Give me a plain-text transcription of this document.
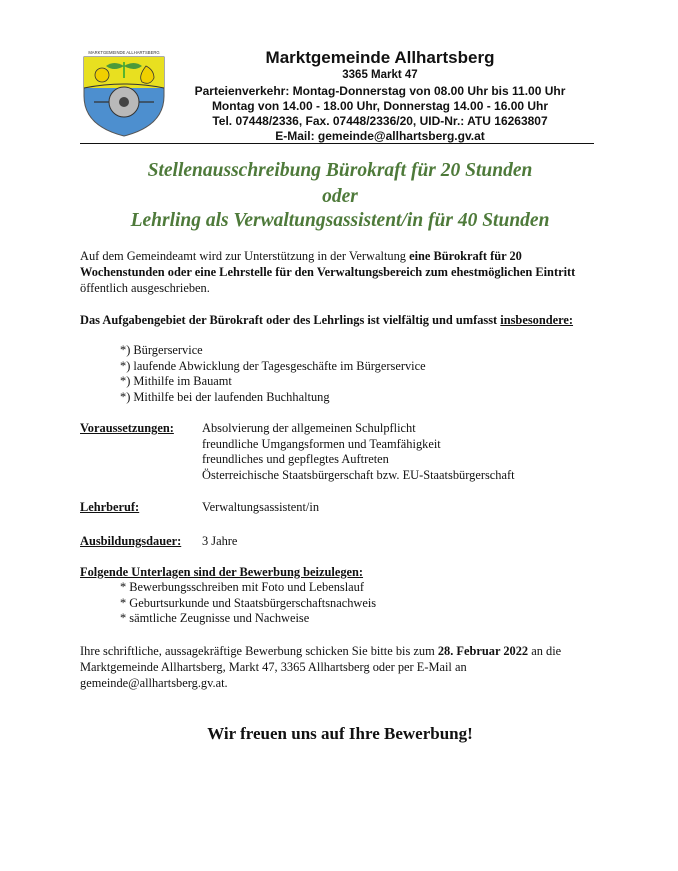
MARKTGEMEINDE ALLHARTSBERG	Marktgemeinde Allhartsberg
3365 Markt 47
Parteienverkehr: Montag-Donnerstag von 08.00 Uhr bis 11.00 Uhr
Montag von 14.00 - 18.00 Uhr, Donnerstag 14.00 - 16.00 Uhr
Tel. 07448/2336, Fax. 07448/2336/20, UID-Nr.: ATU 16263807
E-Mail: gemeinde@allhartsberg.gv.at
Stellenausschreibung Bürokraft für 20 Stunden
oder
Lehrling als Verwaltungsassistent/in für 40 Stunden

Auf dem Gemeindeamt wird zur Unterstützung in der Verwaltung eine Bürokraft für 20 Wochenstunden oder eine Lehrstelle für den Verwaltungsbereich zum ehestmöglichen Eintritt öffentlich ausgeschrieben.

Das Aufgabengebiet der Bürokraft oder des Lehrlings ist vielfältig und umfasst insbesondere:

*) Bürgerservice
*) laufende Abwicklung der Tagesgeschäfte im Bürgerservice
*) Mithilfe im Bauamt
*) Mithilfe bei der laufenden Buchhaltung
Voraussetzungen: Absolvierung der allgemeinen Schulpflicht
freundliche Umgangsformen und Teamfähigkeit
freundliches und gepflegtes Auftreten
Österreichische Staatsbürgerschaft bzw. EU-Staatsbürgerschaft
Lehrberuf:	Verwaltungsassistent/in
Ausbildungsdauer: 3 Jahre
Folgende Unterlagen sind der Bewerbung beizulegen:
* Bewerbungsschreiben mit Foto und Lebenslauf
* Geburtsurkunde und Staatsbürgerschaftsnachweis
* sämtliche Zeugnisse und Nachweise

Ihre schriftliche, aussagekräftige Bewerbung schicken Sie bitte bis zum 28. Februar 2022 an die Marktgemeinde Allhartsberg, Markt 47, 3365 Allhartsberg oder per E-Mail an gemeinde@allhartsberg.gv.at.

Wir freuen uns auf Ihre Bewerbung!
